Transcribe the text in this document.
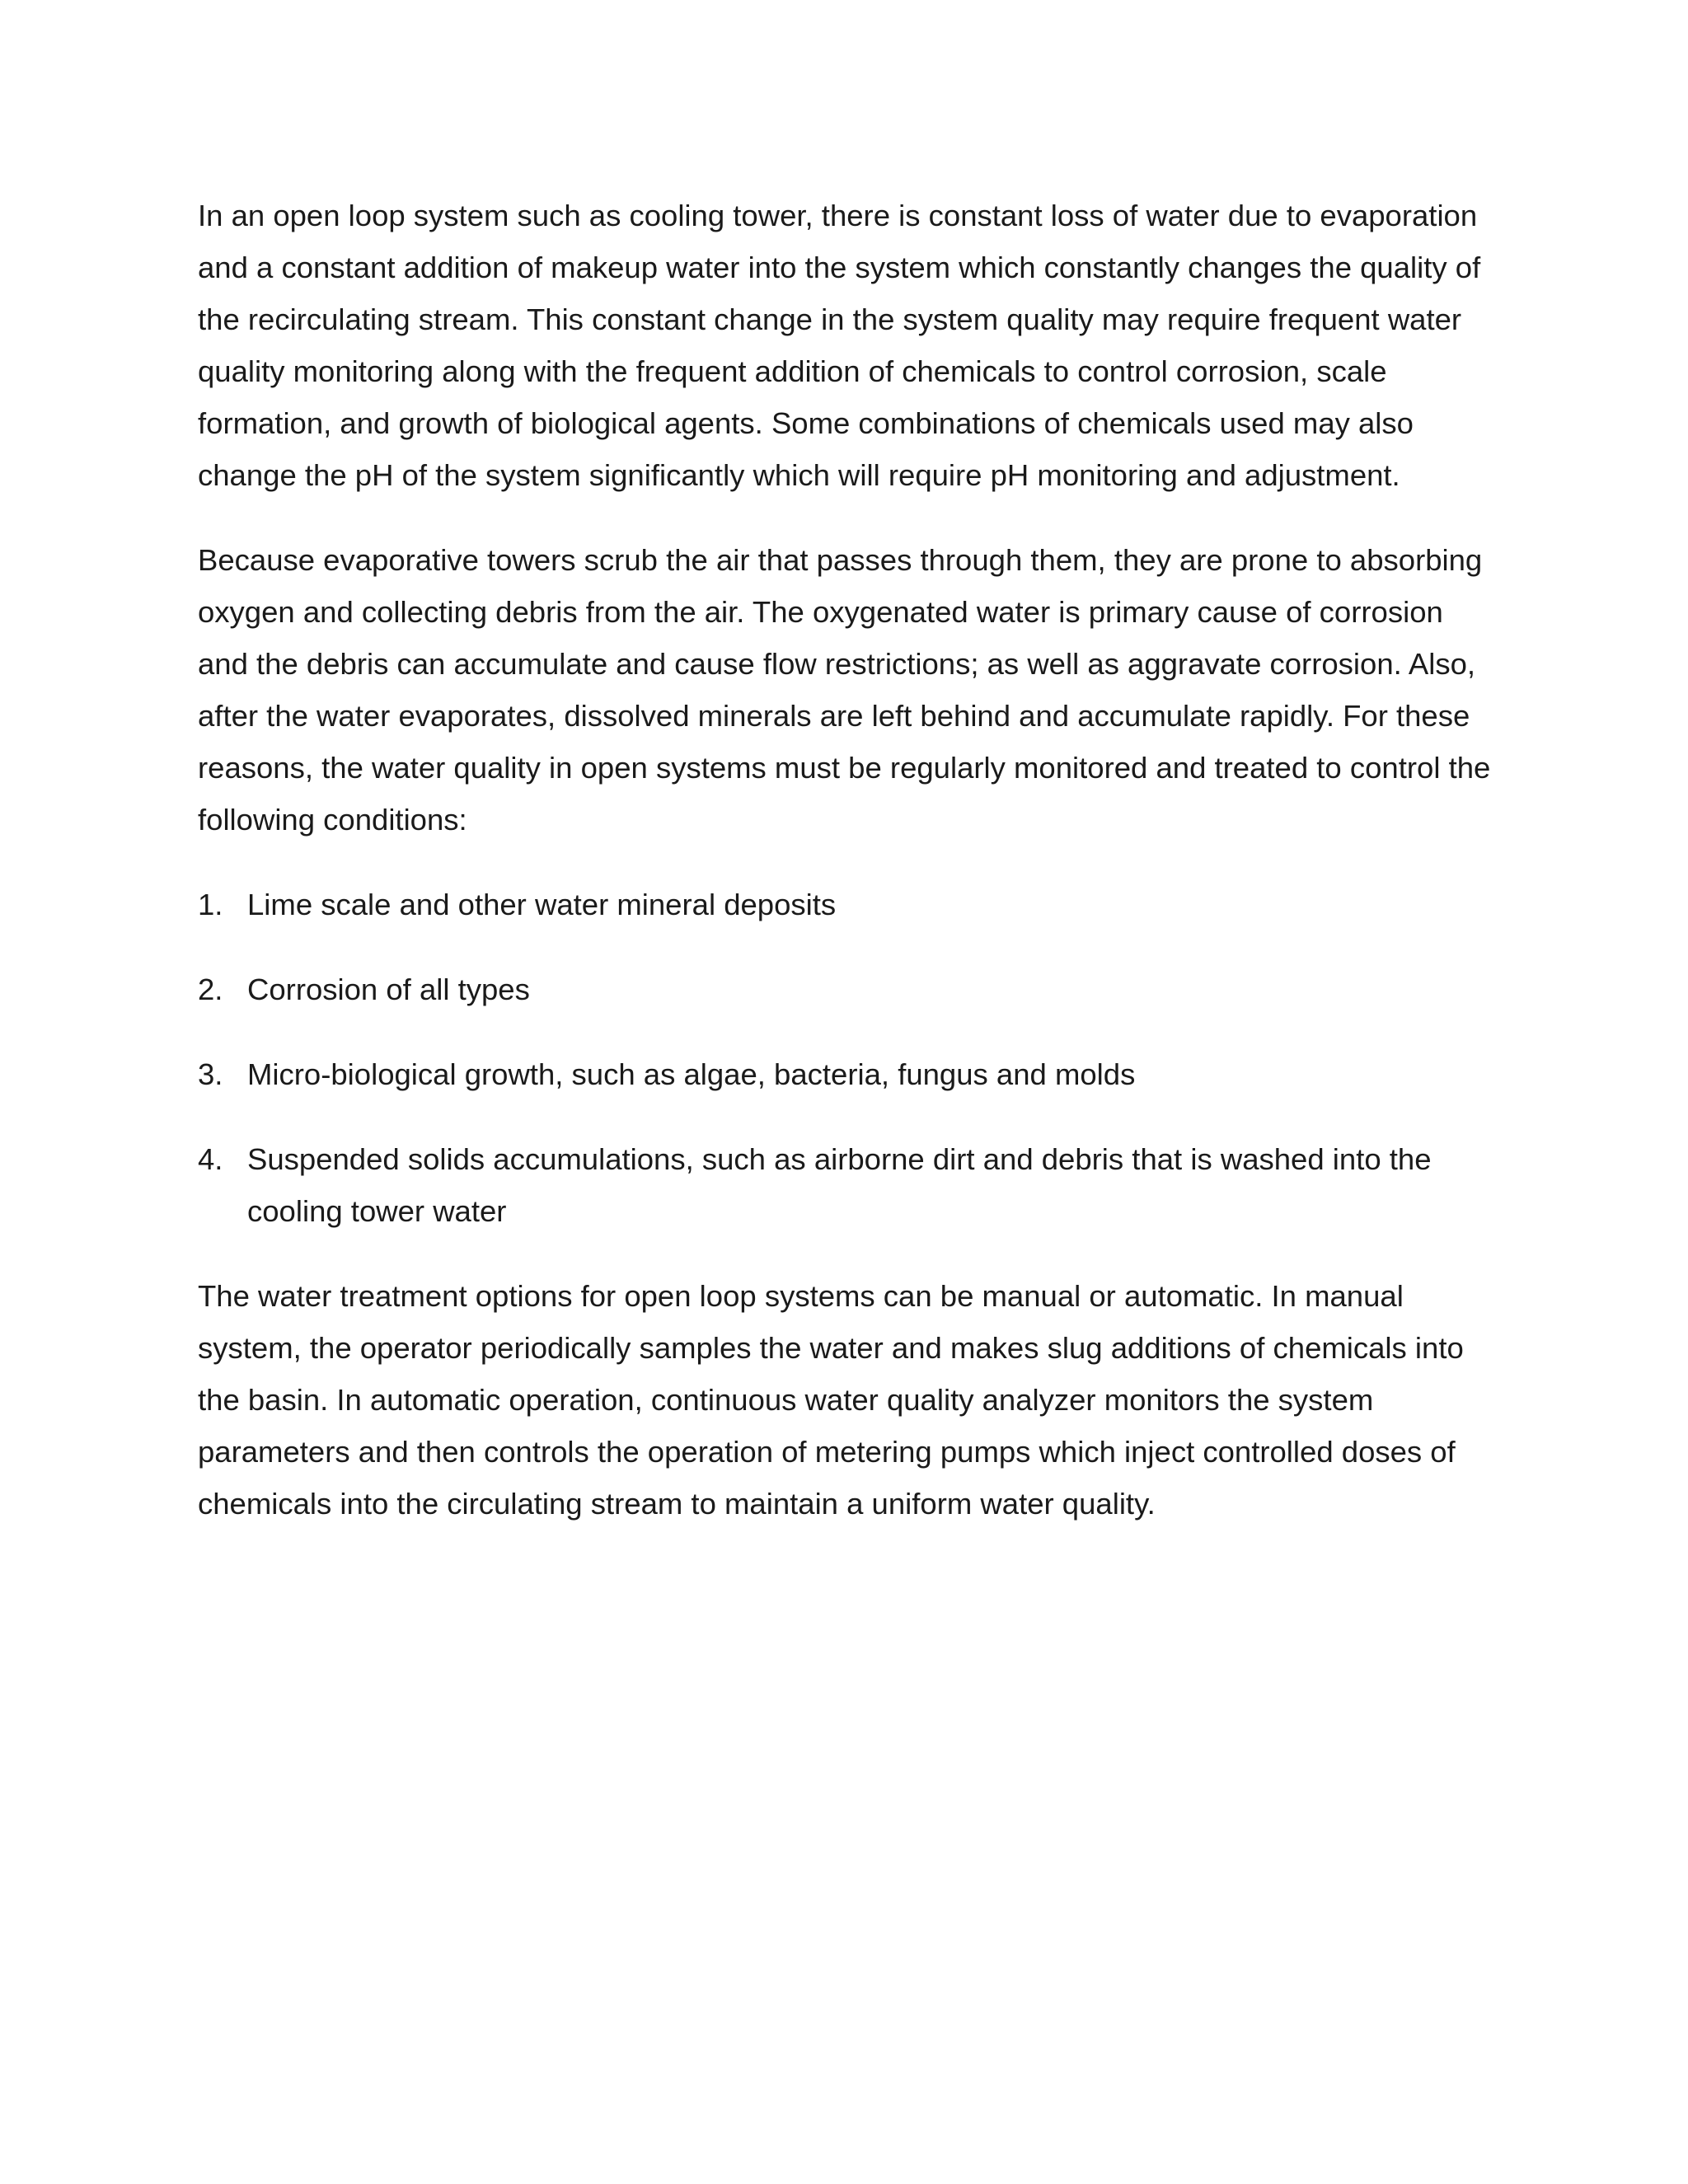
In an open loop system such as cooling tower, there is constant loss of water due to evaporation and a constant addition of makeup water into the system which constantly changes the quality of the recirculating stream. This constant change in the system quality may require frequent water quality monitoring along with the frequent addition of chemicals to control corrosion, scale formation, and growth of biological agents. Some combinations of chemicals used may also change the pH of the system significantly which will require pH monitoring and adjustment.

Because evaporative towers scrub the air that passes through them, they are prone to absorbing oxygen and collecting debris from the air. The oxygenated water is primary cause of corrosion and the debris can accumulate and cause flow restrictions; as well as aggravate corrosion. Also, after the water evaporates, dissolved minerals are left behind and accumulate rapidly. For these reasons, the water quality in open systems must be regularly monitored and treated to control the following conditions:

1. Lime scale and other water mineral deposits
2. Corrosion of all types
3. Micro-biological growth, such as algae, bacteria, fungus and molds
4. Suspended solids accumulations, such as airborne dirt and debris that is washed into the cooling tower water

The water treatment options for open loop systems can be manual or automatic. In manual system, the operator periodically samples the water and makes slug additions of chemicals into the basin. In automatic operation, continuous water quality analyzer monitors the system parameters and then controls the operation of metering pumps which inject controlled doses of chemicals into the circulating stream to maintain a uniform water quality.
